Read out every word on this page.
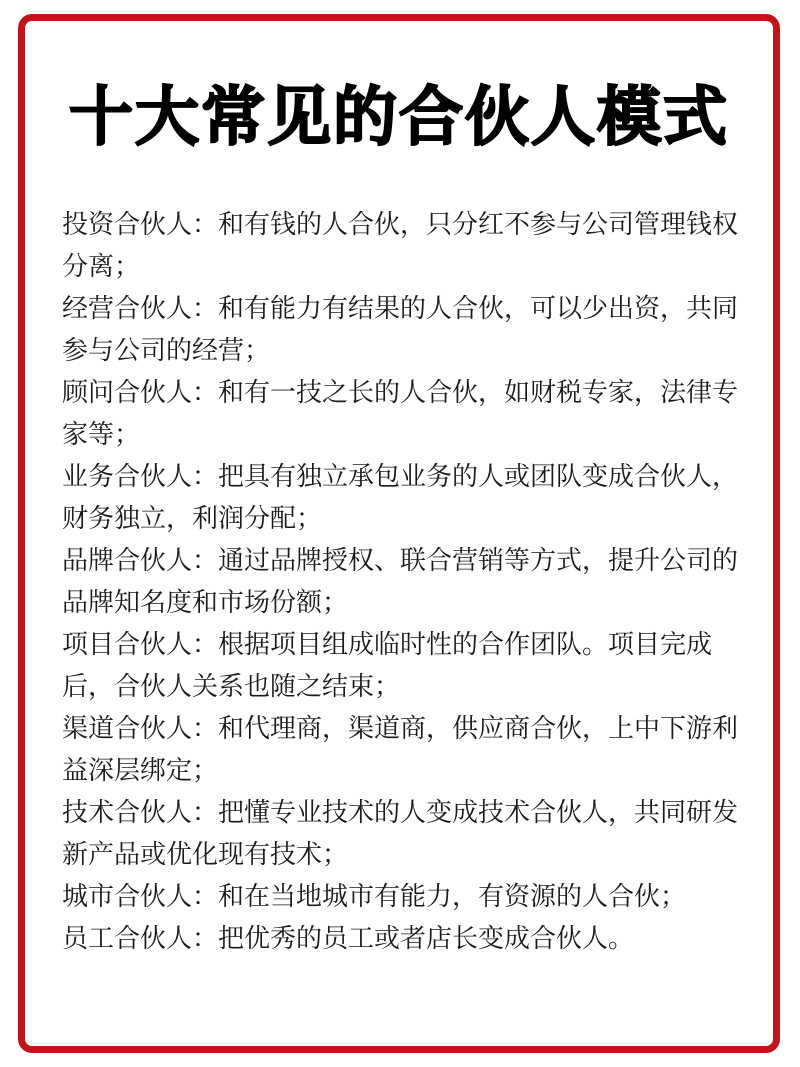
十大常见的合伙人模式

投资合伙人：和有钱的人合伙，只分红不参与公司管理钱权分离；

经营合伙人：和有能力有结果的人合伙，可以少出资，共同参与公司的经营；

顾问合伙人：和有一技之长的人合伙，如财税专家，法律专家等；

业务合伙人：把具有独立承包业务的人或团队变成合伙人，财务独立，利润分配；

品牌合伙人：通过品牌授权、联合营销等方式，提升公司的品牌知名度和市场份额；

项目合伙人：根据项目组成临时性的合作团队。项目完成后，合伙人关系也随之结束；

渠道合伙人：和代理商，渠道商，供应商合伙，上中下游利益深层绑定；

技术合伙人：把懂专业技术的人变成技术合伙人，共同研发新产品或优化现有技术；

城市合伙人：和在当地城市有能力，有资源的人合伙；

员工合伙人：把优秀的员工或者店长变成合伙人。
